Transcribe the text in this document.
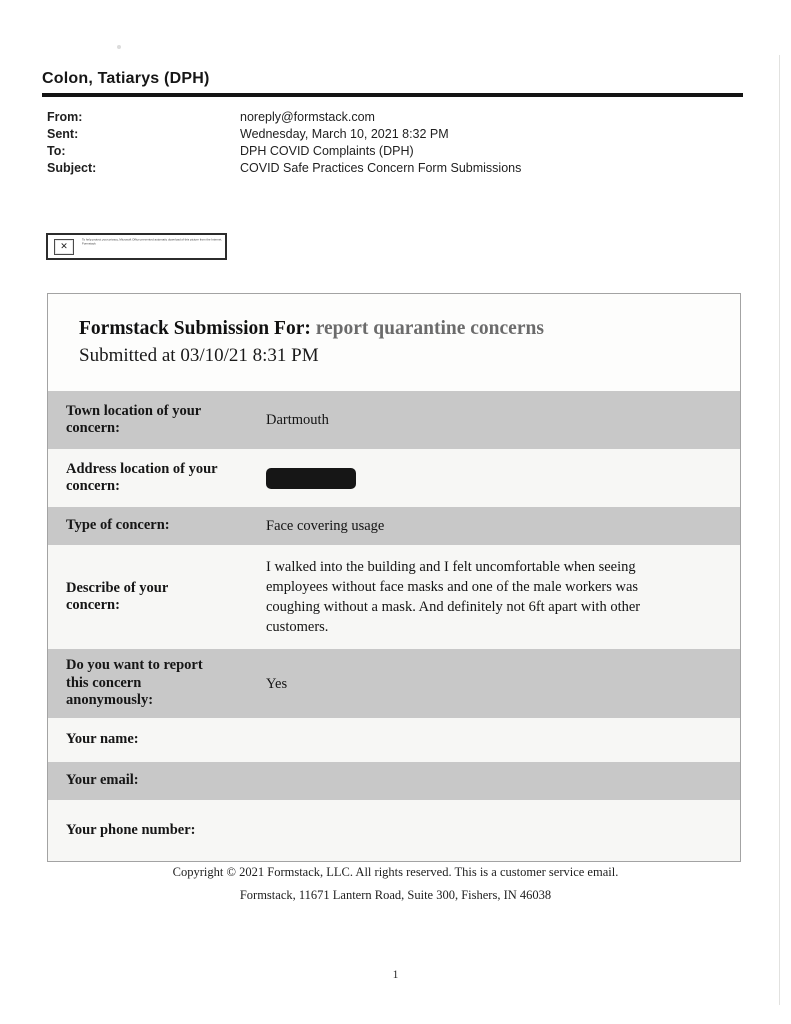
Colon, Tatiarys (DPH)
From:	noreply@formstack.com
Sent:	Wednesday, March 10, 2021 8:32 PM
To:	DPH COVID Complaints (DPH)
Subject:	COVID Safe Practices Concern Form Submissions
✕
To help protect your privacy, Microsoft Office prevented automatic download of this picture from the Internet. Formstack
Formstack Submission For: report quarantine concerns
Submitted at 03/10/21 8:31 PM
Town location of your
concern:	Dartmouth
Address location of your
concern:
Type of concern:	Face covering usage
Describe of your
concern:
I walked into the building and I felt uncomfortable when seeing employees without face masks and one of the male workers was coughing without a mask. And definitely not 6ft apart with other customers.
Do you want to report
this concern
anonymously:
Yes
Your name:
Your email:
Your phone number:
Copyright © 2021 Formstack, LLC. All rights reserved. This is a customer service email.
Formstack, 11671 Lantern Road, Suite 300, Fishers, IN 46038
1
